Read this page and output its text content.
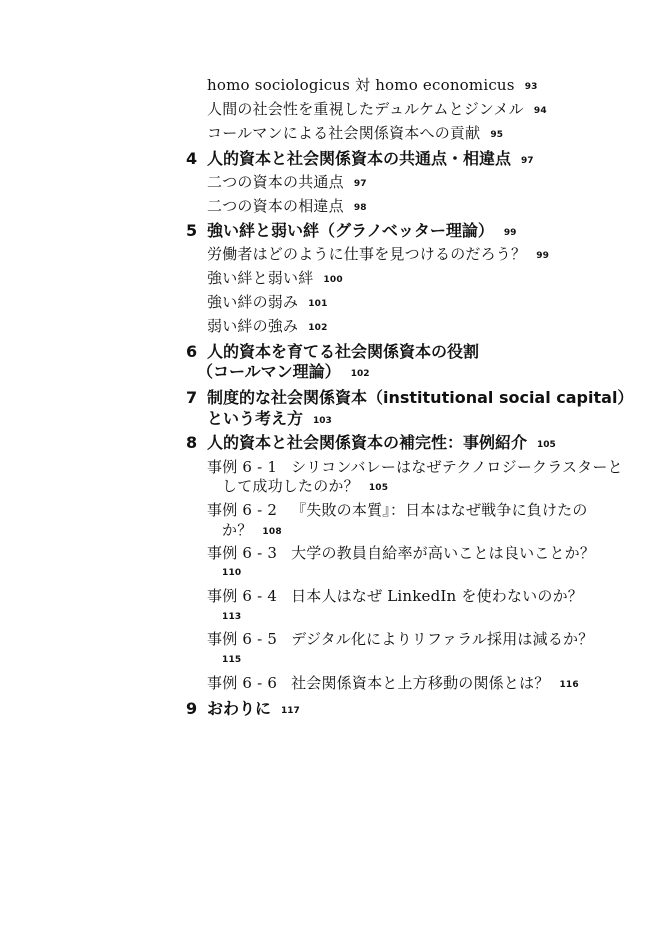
homo sociologicus 対 homo economicus 93
人間の社会性を重視したデュルケムとジンメル 94
コールマンによる社会関係資本への貢献 95
4 人的資本と社会関係資本の共通点・相違点 97
二つの資本の共通点 97
二つの資本の相違点 98
5 強い絆と弱い絆（グラノベッター理論） 99
労働者はどのように仕事を見つけるのだろう？ 99
強い絆と弱い絆 100
強い絆の弱み 101
弱い絆の強み 102
6 人的資本を育てる社会関係資本の役割
（コールマン理論） 102
7 制度的な社会関係資本（institutional social capital）
という考え方 103
8 人的資本と社会関係資本の補完性：事例紹介 105
事例 6 - 1 シリコンバレーはなぜテクノロジークラスターと
して成功したのか？ 105
事例 6 - 2 『失敗の本質』：日本はなぜ戦争に負けたの
か？ 108
事例 6 - 3 大学の教員自給率が高いことは良いことか？
110
事例 6 - 4 日本人はなぜ LinkedIn を使わないのか？
113
事例 6 - 5 デジタル化によりリファラル採用は減るか？
115
事例 6 - 6 社会関係資本と上方移動の関係とは？ 116
9 おわりに 117
